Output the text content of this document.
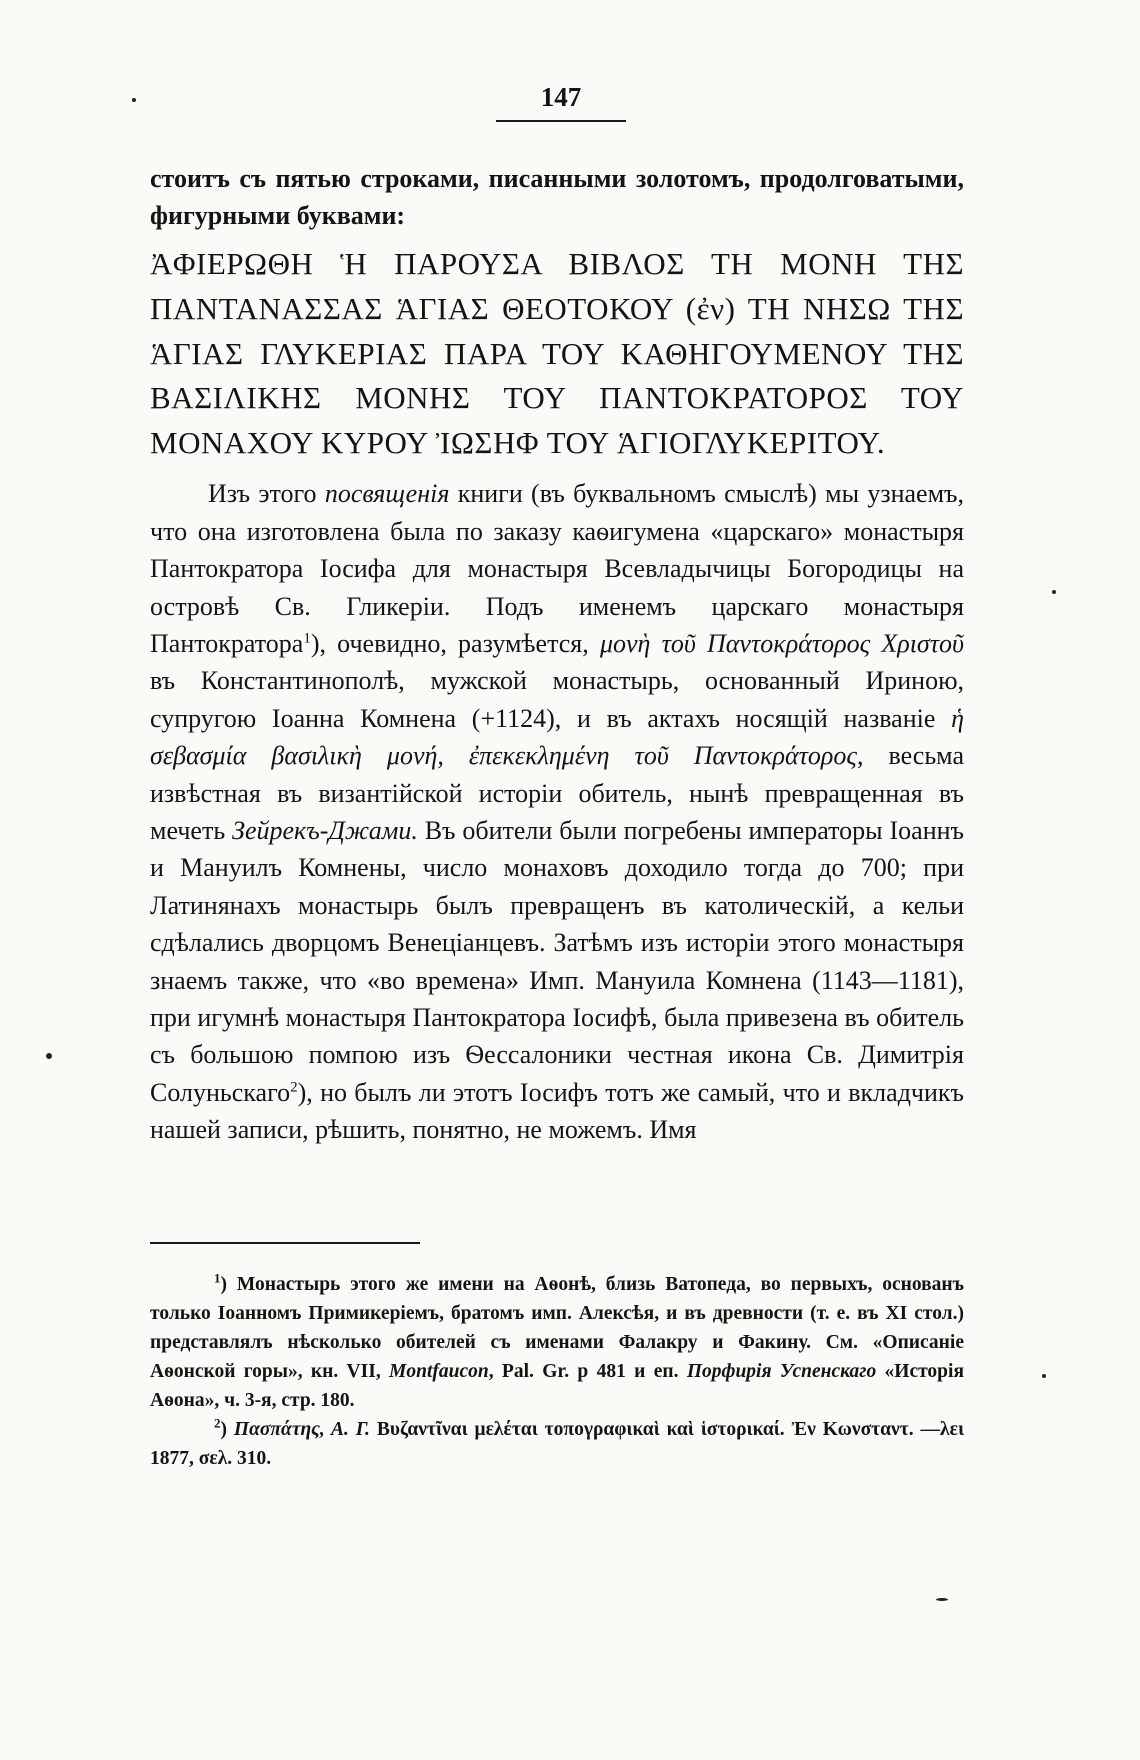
147

стоитъ съ пятью строками, писанными золотомъ, продолговатыми, фигурными буквами:

ἈΦΙΕΡΩΘΗ Ἡ ΠΑΡΟΥΣΑ ΒΙΒΛΟΣ ΤΗ ΜΟΝΗ ΤΗΣ ΠΑΝΤΑΝΑΣΣΑΣ ἉΓΙΑΣ ΘΕΟΤΟΚΟΥ (ἐν) ΤΗ ΝΗΣΩ ΤΗΣ ἉΓΙΑΣ ΓΛΥΚΕΡΙΑΣ ΠΑΡΑ ΤΟΥ ΚΑΘΗΓΟΥΜΕΝΟΥ ΤΗΣ ΒΑΣΙΛΙΚΗΣ ΜΟΝΗΣ ΤΟΥ ΠΑΝΤΟΚΡΑΤΟΡΟΣ ΤΟΥ ΜΟΝΑΧΟΥ ΚΥΡΟΥ ἸΩΣΗΦ ΤΟΥ ἉΓΙΟΓΛΥΚΕΡΙΤΟΥ.

Изъ этого посвященія книги (въ буквальномъ смыслѣ) мы узнаемъ, что она изготовлена была по заказу каѳигумена «царскаго» монастыря Пантократора Іосифа для монастыря Всевладычицы Богородицы на островѣ Св. Гликеріи. Подъ именемъ царскаго монастыря Пантократора$^1$), очевидно, разумѣется, μονὴ τοῦ Παντοκράτορος Χριστοῦ въ Константинополѣ, мужской монастырь, основанный Ириною, супругою Іоанна Комнена (+1124), и въ актахъ носящій названіе ἡ σεβασμία βασιλικὴ μονή, ἐπεκεκλημένη τοῦ Παντοκράτορος, весьма извѣстная въ византійской исторіи обитель, нынѣ превращенная въ мечеть Зейрекъ-Джами. Въ обители были погребены императоры Іоаннъ и Мануилъ Комнены, число монаховъ доходило тогда до 700; при Латинянахъ монастырь былъ превращенъ въ католическій, а кельи сдѣлались дворцомъ Венеціанцевъ. Затѣмъ изъ исторіи этого монастыря знаемъ также, что «во времена» Имп. Мануила Комнена (1143—1181), при игумнѣ монастыря Пантократора Іосифѣ, была привезена въ обитель съ большою помпою изъ Ѳессалоники честная икона Св. Димитрія Солуньскаго$^2$), но былъ ли этотъ Іосифъ тотъ же самый, что и вкладчикъ нашей записи, рѣшить, понятно, не можемъ. Имя

$^1$) Монастырь этого же имени на Аѳонѣ, близь Ватопеда, во первыхъ, основанъ только Іоанномъ Примикеріемъ, братомъ имп. Алексѣя, и въ древности (т. е. въ XI стол.) представлялъ нѣсколько обителей съ именами Фалакру и Факину. См. «Описаніе Аѳонской горы», кн. VII, Montfaucon, Pal. Gr. p 481 и еп. Порфирія Успенскаго «Исторія Аѳона», ч. 3-я, стр. 180.

$^2$) Πασπάτης, Α. Γ. Βυζαντῖναι μελέται τοπογραφικαὶ καὶ ἱστορικαί. Ἐν Κωνσταντ. —λει 1877, σελ. 310.
